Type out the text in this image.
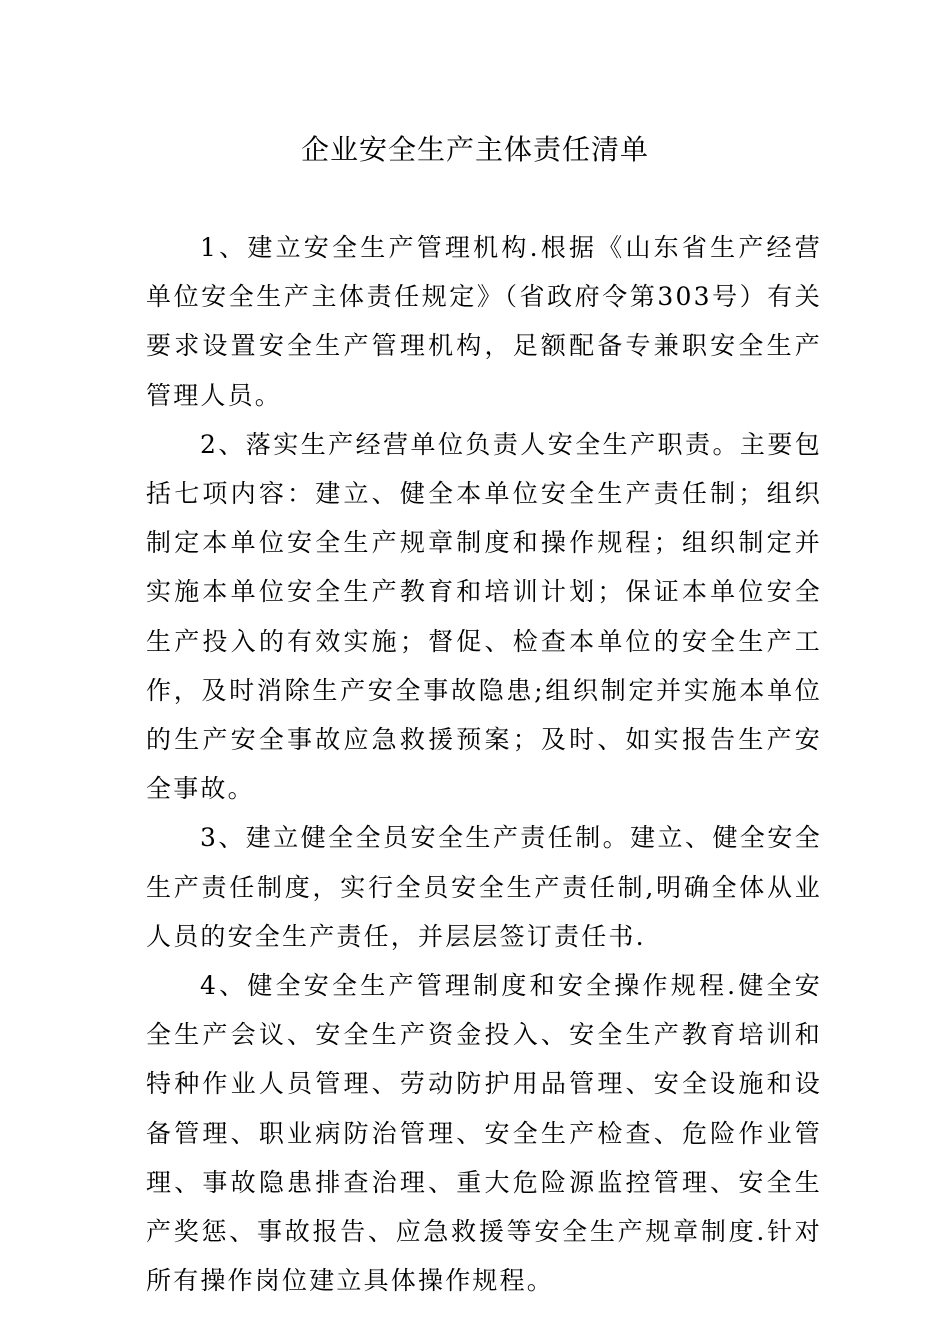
企业安全生产主体责任清单

1、建立安全生产管理机构.根据《山东省生产经营单位安全生产主体责任规定》（省政府令第303号）有关要求设置安全生产管理机构，足额配备专兼职安全生产管理人员。

2、落实生产经营单位负责人安全生产职责。主要包括七项内容：建立、健全本单位安全生产责任制；组织制定本单位安全生产规章制度和操作规程；组织制定并实施本单位安全生产教育和培训计划；保证本单位安全生产投入的有效实施；督促、检查本单位的安全生产工作，及时消除生产安全事故隐患;组织制定并实施本单位的生产安全事故应急救援预案；及时、如实报告生产安全事故。

3、建立健全全员安全生产责任制。建立、健全安全生产责任制度，实行全员安全生产责任制,明确全体从业人员的安全生产责任，并层层签订责任书.

4、健全安全生产管理制度和安全操作规程.健全安全生产会议、安全生产资金投入、安全生产教育培训和特种作业人员管理、劳动防护用品管理、安全设施和设备管理、职业病防治管理、安全生产检查、危险作业管理、事故隐患排查治理、重大危险源监控管理、安全生产奖惩、事故报告、应急救援等安全生产规章制度.针对所有操作岗位建立具体操作规程。
